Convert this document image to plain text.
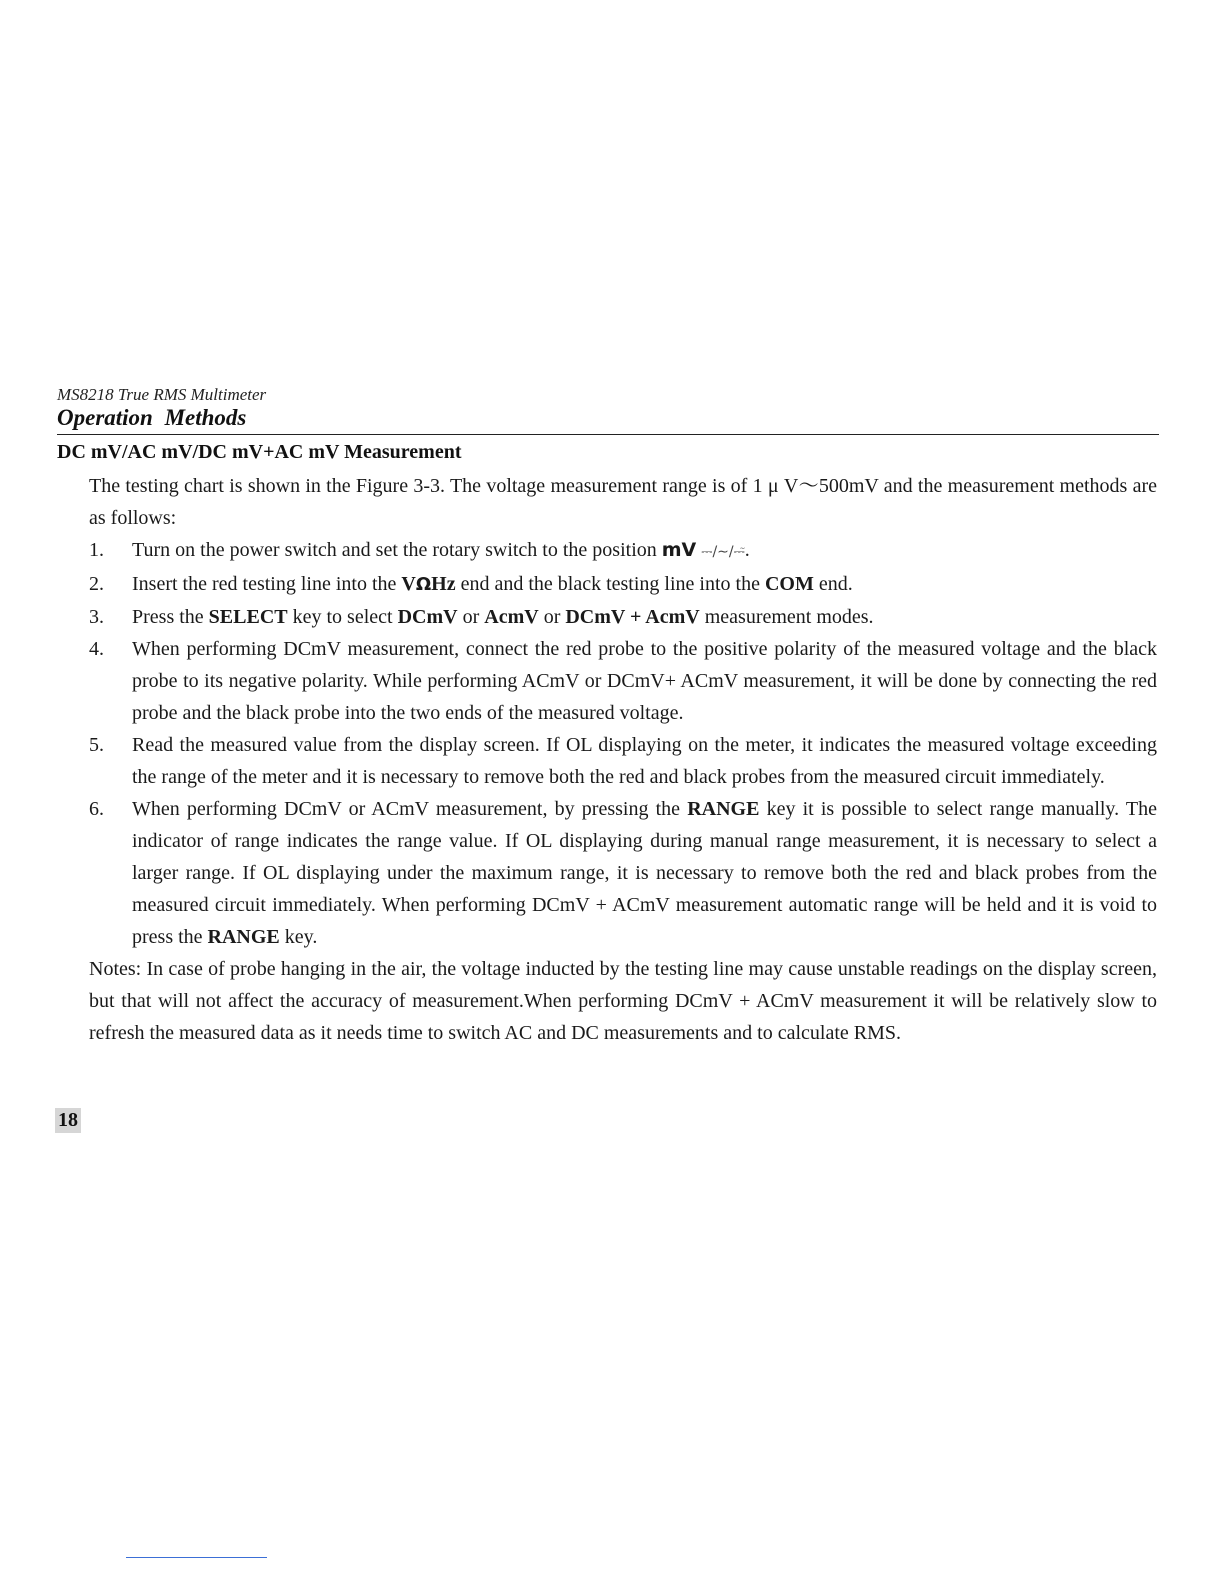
MS8218 True RMS Multimeter
Operation Methods
DC mV/AC mV/DC mV+AC mV Measurement

The testing chart is shown in the Figure 3-3. The voltage measurement range is of 1 μ V～500mV and the measurement methods are as follows:

1. Turn on the power switch and set the rotary switch to the position mV ⎓/∼/⎓̃.
2. Insert the red testing line into the VΩHz end and the black testing line into the COM end.
3. Press the SELECT key to select DCmV or AcmV or DCmV + AcmV measurement modes.
4. When performing DCmV measurement, connect the red probe to the positive polarity of the measured voltage and the black probe to its negative polarity. While performing ACmV or DCmV+ ACmV measurement, it will be done by connecting the red probe and the black probe into the two ends of the measured voltage.
5. Read the measured value from the display screen. If OL displaying on the meter, it indicates the measured voltage exceeding the range of the meter and it is necessary to remove both the red and black probes from the measured circuit immediately.
6. When performing DCmV or ACmV measurement, by pressing the RANGE key it is possible to select range manually. The indicator of range indicates the range value. If OL displaying during manual range measurement, it is necessary to select a larger range. If OL displaying under the maximum range, it is necessary to remove both the red and black probes from the measured circuit immediately. When performing DCmV + ACmV measurement automatic range will be held and it is void to press the RANGE key.

Notes: In case of probe hanging in the air, the voltage inducted by the testing line may cause unstable readings on the display screen, but that will not affect the accuracy of measurement.When performing DCmV + ACmV measurement it will be relatively slow to refresh the measured data as it needs time to switch AC and DC measurements and to calculate RMS.

18
